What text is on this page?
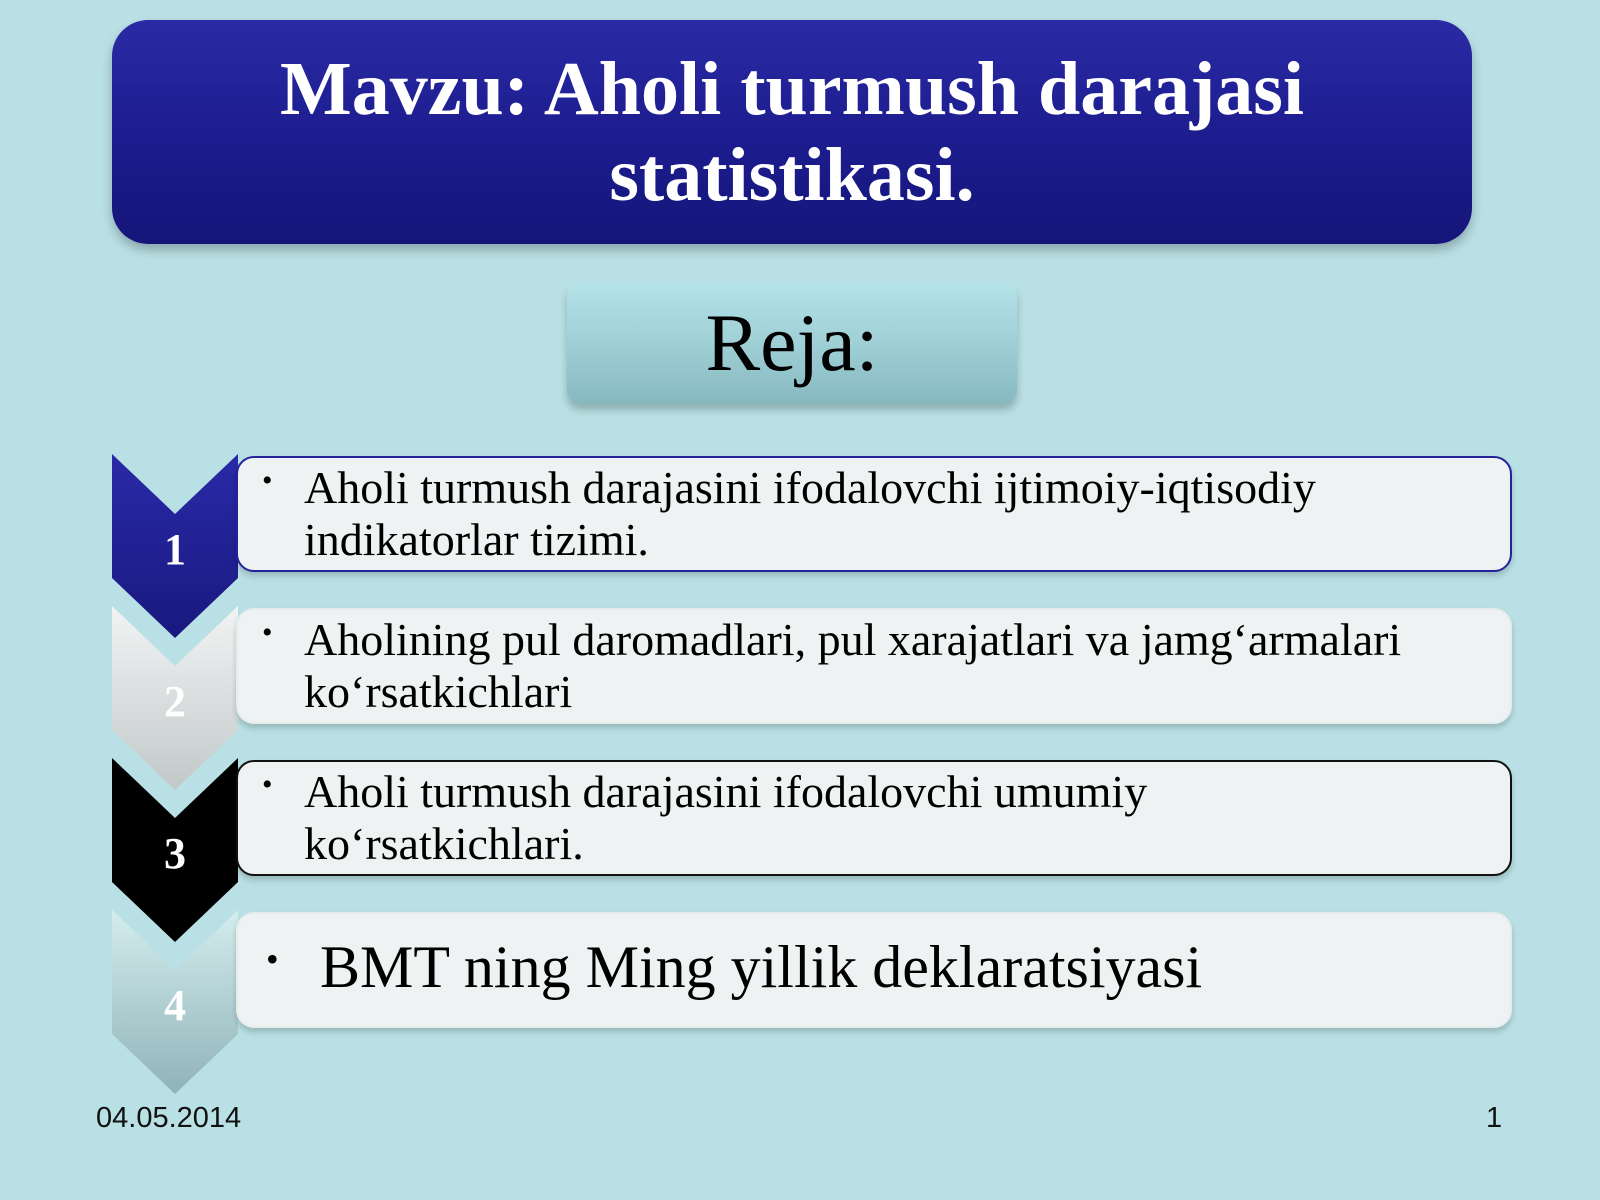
Mavzu: Aholi turmush darajasi
statistikasi.
Reja:
1
• Aholi turmush darajasini ifodalovchi ijtimoiy-iqtisodiy
indikatorlar tizimi.
2
• Aholining pul daromadlari, pul xarajatlari va jamg‘armalari
ko‘rsatkichlari
3
• Aholi turmush darajasini ifodalovchi umumiy
ko‘rsatkichlari.
4
• BMT ning Ming yillik deklaratsiyasi
04.05.2014	1
